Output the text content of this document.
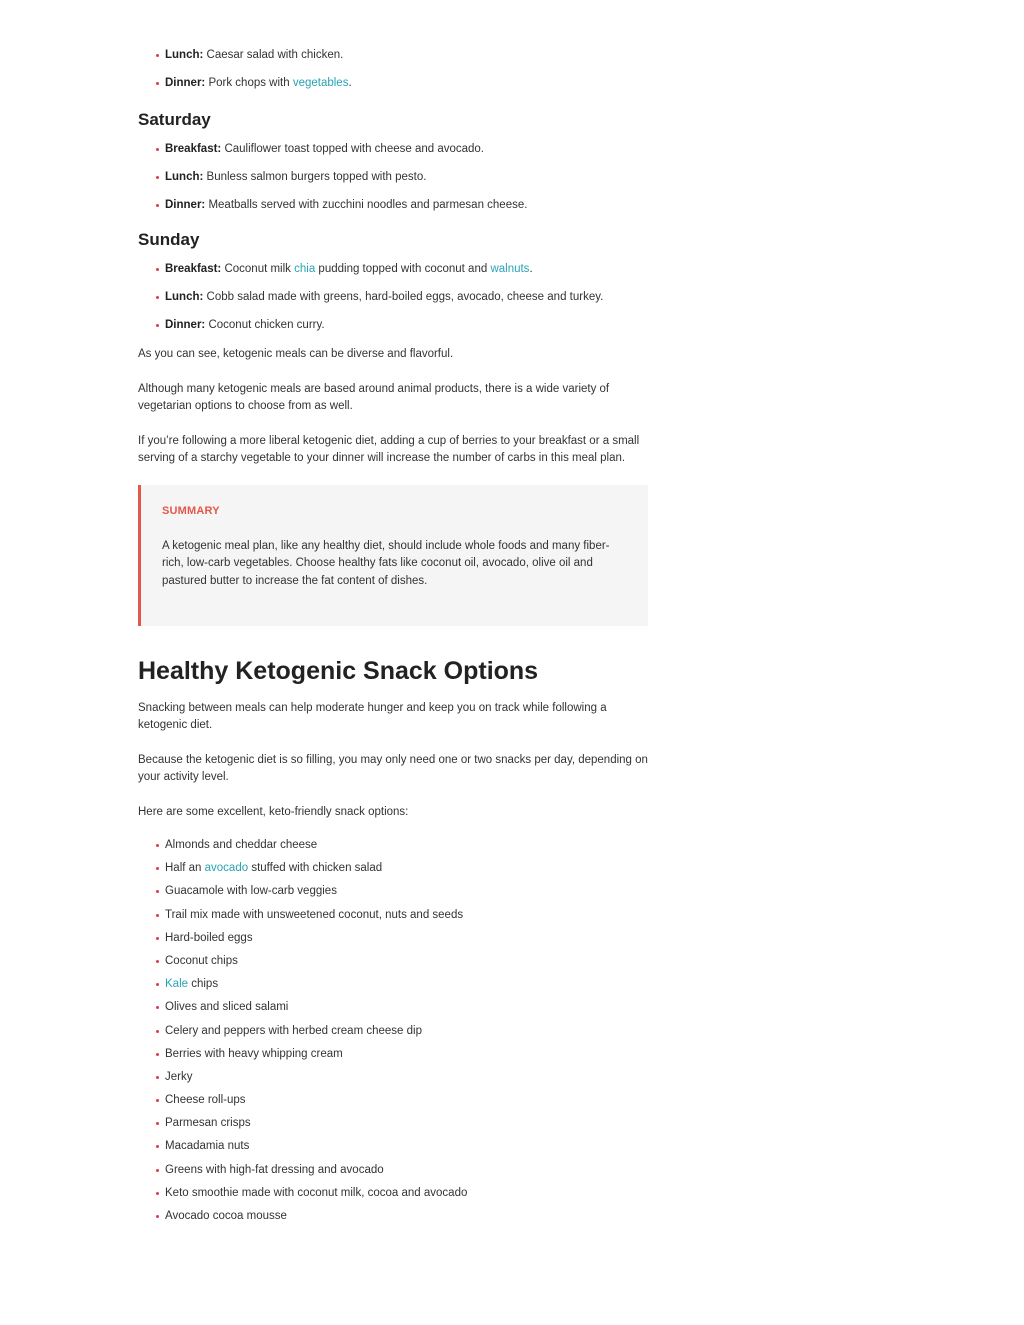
Lunch: Caesar salad with chicken.
Dinner: Pork chops with vegetables.
Saturday
Breakfast: Cauliflower toast topped with cheese and avocado.
Lunch: Bunless salmon burgers topped with pesto.
Dinner: Meatballs served with zucchini noodles and parmesan cheese.
Sunday
Breakfast: Coconut milk chia pudding topped with coconut and walnuts.
Lunch: Cobb salad made with greens, hard-boiled eggs, avocado, cheese and turkey.
Dinner: Coconut chicken curry.

As you can see, ketogenic meals can be diverse and flavorful.

Although many ketogenic meals are based around animal products, there is a wide variety of vegetarian options to choose from as well.

If you’re following a more liberal ketogenic diet, adding a cup of berries to your breakfast or a small serving of a starchy vegetable to your dinner will increase the number of carbs in this meal plan.

SUMMARY

A ketogenic meal plan, like any healthy diet, should include whole foods and many fiber-rich, low-carb vegetables. Choose healthy fats like coconut oil, avocado, olive oil and pastured butter to increase the fat content of dishes.

Healthy Ketogenic Snack Options

Snacking between meals can help moderate hunger and keep you on track while following a ketogenic diet.

Because the ketogenic diet is so filling, you may only need one or two snacks per day, depending on your activity level.

Here are some excellent, keto-friendly snack options:

Almonds and cheddar cheese
Half an avocado stuffed with chicken salad
Guacamole with low-carb veggies
Trail mix made with unsweetened coconut, nuts and seeds
Hard-boiled eggs
Coconut chips
Kale chips
Olives and sliced salami
Celery and peppers with herbed cream cheese dip
Berries with heavy whipping cream
Jerky
Cheese roll-ups
Parmesan crisps
Macadamia nuts
Greens with high-fat dressing and avocado
Keto smoothie made with coconut milk, cocoa and avocado
Avocado cocoa mousse
